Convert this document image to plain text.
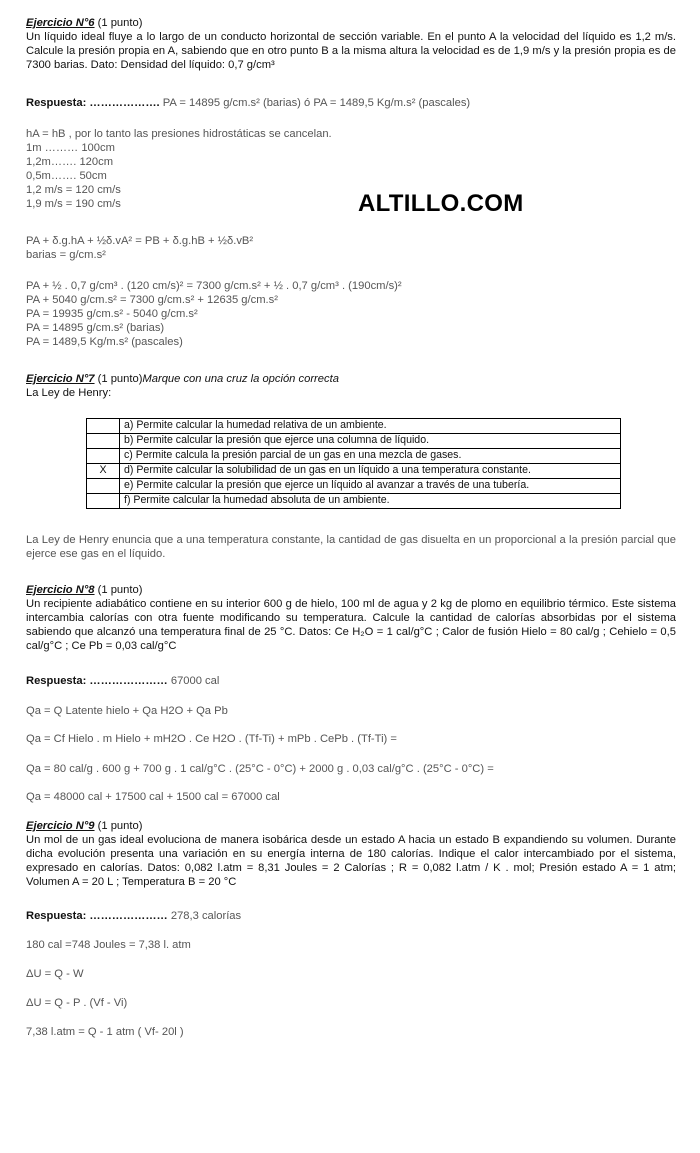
ALTILLO.COM

Ejercicio N°6 (1 punto)

Un líquido ideal fluye a lo largo de un conducto horizontal de sección variable. En el punto A la velocidad del líquido es 1,2 m/s. Calcule la presión propia en A, sabiendo que en otro punto B a la misma altura la velocidad es de 1,9 m/s y la presión propia es de 7300 barias. Dato: Densidad del líquido: 0,7 g/cm³

Respuesta: ………………. PA = 14895 g/cm.s² (barias) ó PA = 1489,5 Kg/m.s² (pascales)

hA = hB , por lo tanto las presiones hidrostáticas se cancelan.

1m ……… 100cm

1,2m……. 120cm

0,5m……. 50cm

1,2 m/s = 120 cm/s

1,9 m/s = 190 cm/s

PA + δ.g.hA + ½δ.vA² = PB + δ.g.hB + ½δ.vB²

barias = g/cm.s²

PA + ½ . 0,7 g/cm³ . (120 cm/s)² = 7300 g/cm.s² + ½ . 0,7 g/cm³ . (190cm/s)²

PA + 5040 g/cm.s² = 7300 g/cm.s² + 12635 g/cm.s²

PA = 19935 g/cm.s² - 5040 g/cm.s²

PA = 14895 g/cm.s² (barias)

PA = 1489,5 Kg/m.s² (pascales)

Ejercicio N°7 (1 punto)Marque con una cruz la opción correcta

La Ley de Henry:

	a) Permite calcular la humedad relativa de un ambiente.
	b) Permite calcular la presión que ejerce una columna de líquido.
	c) Permite calcula la presión parcial de un gas en una mezcla de gases.
X	d) Permite calcular la solubilidad de un gas en un líquido a una temperatura constante.
	e) Permite calcular la presión que ejerce un líquido al avanzar a través de una tubería.
	f) Permite calcular la humedad absoluta de un ambiente.

La Ley de Henry enuncia que a una temperatura constante, la cantidad de gas disuelta en un proporcional a la presión parcial que ejerce ese gas en el líquido.

Ejercicio N°8 (1 punto)

Un recipiente adiabático contiene en su interior 600 g de hielo, 100 ml de agua y 2 kg de plomo en equilibrio térmico. Este sistema intercambia calorías con otra fuente modificando su temperatura. Calcule la cantidad de calorías absorbidas por el sistema sabiendo que alcanzó una temperatura final de 25 °C. Datos: Ce H₂O = 1 cal/g°C ; Calor de fusión Hielo = 80 cal/g ; Cehielo = 0,5 cal/g°C ; Ce Pb = 0,03 cal/g°C

Respuesta: ………………… 67000 cal

Qa = Q Latente hielo + Qa H2O + Qa Pb

Qa = Cf Hielo . m Hielo + mH2O . Ce H2O . (Tf-Ti) + mPb . CePb . (Tf-Ti) =

Qa = 80 cal/g . 600 g + 700 g . 1 cal/g°C . (25°C - 0°C) + 2000 g . 0,03 cal/g°C . (25°C - 0°C) =

Qa = 48000 cal + 17500 cal + 1500 cal = 67000 cal

Ejercicio N°9 (1 punto)

Un mol de un gas ideal evoluciona de manera isobárica desde un estado A hacia un estado B expandiendo su volumen. Durante dicha evolución presenta una variación en su energía interna de 180 calorías. Indique el calor intercambiado por el sistema, expresado en calorías. Datos: 0,082 l.atm = 8,31 Joules = 2 Calorías ; R = 0,082 l.atm / K . mol; Presión estado A = 1 atm; Volumen A = 20 L ; Temperatura B = 20 °C

Respuesta: ………………… 278,3 calorías

180 cal =748 Joules = 7,38 l. atm

ΔU = Q - W

ΔU = Q - P . (Vf - Vi)

7,38 l.atm = Q - 1 atm ( Vf- 20l )
